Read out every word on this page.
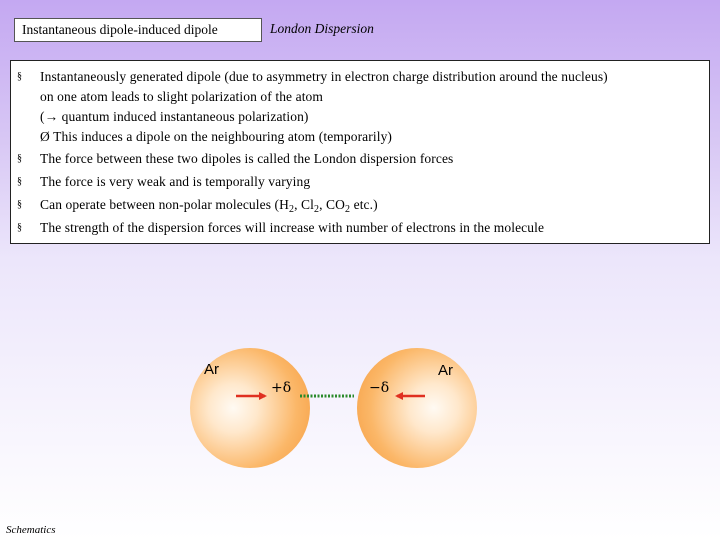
Instantaneous dipole-induced dipole	London Dispersion
§	Instantaneously generated dipole (due to asymmetry in electron charge distribution around the nucleus)
on one atom leads to slight polarization of the atom
(→ quantum induced instantaneous polarization)
Ø This induces a dipole on the neighbouring atom (temporarily)
§	The force between these two dipoles is called the London dispersion forces
§	The force is very weak and is temporally varying
§	Can operate between non-polar molecules ($H_2$, $Cl_2$, $CO_2$ etc.)
§	The strength of the dispersion forces will increase with number of electrons in the molecule
Ar	Ar
+δ	−δ
Schematics
